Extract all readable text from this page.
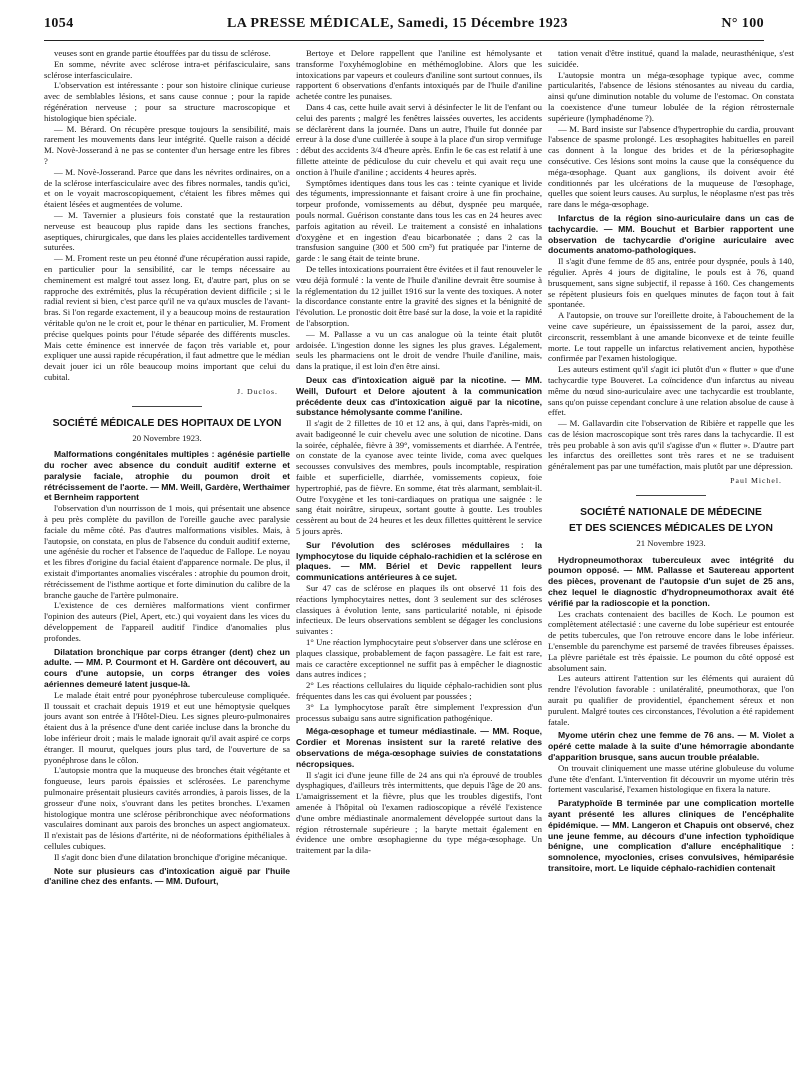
1054	LA PRESSE MÉDICALE, Samedi, 15 Décembre 1923	N° 100

veuses sont en grande partie étouffées par du tissu de sclérose.

En somme, névrite avec sclérose intra-et périfasciculaire, sans sclérose interfasciculaire.

L'observation est intéressante : pour son histoire clinique curieuse avec de semblables lésions, et sans cause connue ; pour la rapide régénération nerveuse ; pour sa structure macroscopique et histologique bien spéciale.

— M. Bérard. On récupère presque toujours la sensibilité, mais rarement les mouvements dans leur intégrité. Quelle raison a décidé M. Novè-Josserand à ne pas se contenter d'un hersage entre les fibres ?

— M. Novè-Josserand. Parce que dans les névrites ordinaires, on a de la sclérose interfasciculaire avec des fibres normales, tandis qu'ici, et on le voyait macroscopiquement, c'étaient les fibres mêmes qui étaient lésées et augmentées de volume.

— M. Tavernier a plusieurs fois constaté que la restauration nerveuse est beaucoup plus rapide dans les sections franches, aseptiques, chirurgicales, que dans les plaies accidentelles tardivement suturées.

— M. Froment reste un peu étonné d'une récupération aussi rapide, en particulier pour la sensibilité, car le temps nécessaire au cheminement est malgré tout assez long. Et, d'autre part, plus on se rapproche des extrémités, plus la récupération devient difficile ; si le radial revient si bien, c'est parce qu'il ne va qu'aux muscles de l'avant-bras. Si l'on regarde exactement, il y a beaucoup moins de restauration véritable qu'on ne le croit et, pour le thénar en particulier, M. Froment précise quelques points pour l'étude séparée des différents muscles. Mais cette éminence est innervée de façon très variable et, pour expliquer une aussi rapide récupération, il faut admettre que le médian devait jouer ici un rôle beaucoup moins important que celui du cubital.

J. Duclos.
SOCIÉTÉ MÉDICALE DES HOPITAUX DE LYON
20 Novembre 1923.

Malformations congénitales multiples : agénésie partielle du rocher avec absence du conduit auditif externe et paralysie faciale, atrophie du poumon droit et rétrécissement de l'aorte. — MM. Weill, Gardère, Werthaimer et Bernheim rapportent

l'observation d'un nourrisson de 1 mois, qui présentait une absence à peu près complète du pavillon de l'oreille gauche avec paralysie faciale du même côté. Pas d'autres malformations visibles. Mais, à l'autopsie, on constata, en plus de l'absence du conduit auditif externe, une agénésie du rocher et l'absence de l'aqueduc de Fallope. Le noyau et les fibres d'origine du facial étaient d'apparence normale. De plus, il existait d'importantes anomalies viscérales : atrophie du poumon droit, rétrécissement de l'isthme aortique et forte diminution du calibre de la branche gauche de l'artère pulmonaire.

L'existence de ces dernières malformations vient confirmer l'opinion des auteurs (Piel, Apert, etc.) qui voyaient dans les vices du développement de l'appareil auditif l'indice d'anomalies plus profondes.

Dilatation bronchique par corps étranger (dent) chez un adulte. — MM. P. Courmont et H. Gardère ont découvert, au cours d'une autopsie, un corps étranger des voies aériennes demeuré latent jusque-là.

Le malade était entré pour pyonéphrose tuberculeuse compliquée. Il toussait et crachait depuis 1919 et eut une hémoptysie quelques jours avant son entrée à l'Hôtel-Dieu. Les signes pleuro-pulmonaires étaient dus à la présence d'une dent cariée incluse dans la bronche du lobe inférieur droit ; mais le malade ignorait qu'il avait aspiré ce corps étranger. Il mourut, quelques jours plus tard, de l'ouverture de sa pyonéphrose dans le côlon.

L'autopsie montra que la muqueuse des bronches était végétante et fongueuse, leurs parois épaissies et sclérosées. Le parenchyme pulmonaire présentait plusieurs cavités arrondies, à parois lisses, de la grosseur d'une noix, s'ouvrant dans les petites bronches. L'examen histologique montra une sclérose péribronchique avec néoformations vasculaires dominant aux parois des bronches un aspect angiomateux. Il n'existait pas de lésions d'artérite, ni de néoformations épithéliales à cellules cubiques.

Il s'agit donc bien d'une dilatation bronchique d'origine mécanique.

Note sur plusieurs cas d'intoxication aiguë par l'huile d'aniline chez des enfants. — MM. Dufourt,

Bertoye et Delore rappellent que l'aniline est hémolysante et transforme l'oxyhémoglobine en méthémoglobine. Alors que les intoxications par vapeurs et couleurs d'aniline sont surtout connues, ils rapportent 6 observations d'enfants intoxiqués par de l'huile d'aniline achetée contre les punaises.

Dans 4 cas, cette huile avait servi à désinfecter le lit de l'enfant ou celui des parents ; malgré les fenêtres laissées ouvertes, les accidents se déclarèrent dans la journée. Dans un autre, l'huile fut donnée par erreur à la dose d'une cuillerée à soupe à la place d'un sirop vermifuge : début des accidents 3/4 d'heure après. Enfin le 6e cas est relatif à une fillette atteinte de pédiculose du cuir chevelu et qui avait reçu une onction à l'huile d'aniline ; accidents 4 heures après.

Symptômes identiques dans tous les cas : teinte cyanique et livide des téguments, impressionnante et faisant croire à une fin prochaine, torpeur profonde, vomissements au début, dyspnée peu marquée, pouls normal. Guérison constante dans tous les cas en 24 heures avec parfois agitation au réveil. Le traitement a consisté en inhalations d'oxygène et en ingestion d'eau bicarbonatée ; dans 2 cas la transfusion sanguine (300 et 500 cm³) fut pratiquée par l'interne de garde : le sang était de teinte brune.

De telles intoxications pourraient être évitées et il faut renouveler le vœu déjà formulé : la vente de l'huile d'aniline devrait être soumise à la réglementation du 12 juillet 1916 sur la vente des toxiques. A noter la discordance constante entre la gravité des signes et la bénignité de l'évolution. Le pronostic doit être basé sur la dose, la voie et la rapidité de l'absorption.

— M. Pallasse a vu un cas analogue où la teinte était plutôt ardoisée. L'ingestion donne les signes les plus graves. Légalement, seuls les pharmaciens ont le droit de vendre l'huile d'aniline, mais, dans la pratique, il est loin d'en être ainsi.

Deux cas d'intoxication aiguë par la nicotine. — MM. Weill, Dufourt et Delore ajoutent à la communication précédente deux cas d'intoxication aiguë par la nicotine, substance hémolysante comme l'aniline.

Il s'agit de 2 fillettes de 10 et 12 ans, à qui, dans l'après-midi, on avait badigeonné le cuir chevelu avec une solution de nicotine. Dans la soirée, céphalée, fièvre à 39°, vomissements et diarrhée. A l'entrée, on constate de la cyanose avec teinte livide, coma avec quelques secousses convulsives des membres, pouls incomptable, respiration faible et superficielle, diarrhée, vomissements copieux, foie hypertrophié, pas de fièvre. En somme, état très alarmant, semblait-il. Outre l'oxygène et les toni-cardiaques on pratiqua une saignée : le sang était noirâtre, sirupeux, sortant goutte à goutte. Les troubles cessèrent au bout de 24 heures et les deux fillettes quittèrent le service 5 jours après.

Sur l'évolution des scléroses médullaires : la lymphocytose du liquide céphalo-rachidien et la sclérose en plaques. — MM. Bériel et Devic rappellent leurs communications antérieures à ce sujet.

Sur 47 cas de sclérose en plaques ils ont observé 11 fois des réactions lymphocytaires nettes, dont 3 seulement sur des scléroses classiques à évolution lente, sans particularité notable, ni épisode infectieux. De leurs observations semblent se dégager les conclusions suivantes :

1° Une réaction lymphocytaire peut s'observer dans une sclérose en plaques classique, probablement de façon passagère. Le fait est rare, mais ce caractère exceptionnel ne suffit pas à empêcher le diagnostic dans autres indices ;

2° Les réactions cellulaires du liquide céphalo-rachidien sont plus fréquentes dans les cas qui évoluent par poussées ;

3° La lymphocytose paraît être simplement l'expression d'un processus subaigu sans autre signification pathogénique.

Méga-œsophage et tumeur médiastinale. — MM. Roque, Cordier et Morenas insistent sur la rareté relative des observations de méga-œsophage suivies de constatations nécropsiques.

Il s'agit ici d'une jeune fille de 24 ans qui n'a éprouvé de troubles dysphagiques, d'ailleurs très intermittents, que depuis l'âge de 20 ans. L'amaigrissement et la fièvre, plus que les troubles digestifs, l'ont amenée à l'hôpital où l'examen radioscopique a révélé l'existence d'une ombre médiastinale anormalement développée surtout dans la région rétrosternale supérieure ; la baryte mettait également en évidence une ombre œsophagienne du type méga-œsophage. Un traitement par la dila-

tation venait d'être institué, quand la malade, neurasthénique, s'est suicidée.

L'autopsie montra un méga-œsophage typique avec, comme particularités, l'absence de lésions sténosantes au niveau du cardia, ainsi qu'une diminution notable du volume de l'estomac. On constata la coexistence d'une tumeur lobulée de la région rétrosternale supérieure (lymphadénome ?).

— M. Bard insiste sur l'absence d'hypertrophie du cardia, prouvant l'absence de spasme prolongé. Les œsophagites habituelles en pareil cas donnent à la longue des brides et de la périœsophagite consécutive. Ces lésions sont moins la cause que la conséquence du méga-œsophage. Quant aux ganglions, ils doivent avoir été conditionnés par les ulcérations de la muqueuse de l'œsophage, quelles que soient leurs causes. Au surplus, le néoplasme n'est pas très rare dans le méga-œsophage.

Infarctus de la région sino-auriculaire dans un cas de tachycardie. — MM. Bouchut et Barbier rapportent une observation de tachycardie d'origine auriculaire avec documents anatomo-pathologiques.

Il s'agit d'une femme de 85 ans, entrée pour dyspnée, pouls à 140, régulier. Après 4 jours de digitaline, le pouls est à 76, quand brusquement, sans signe subjectif, il repasse à 160. Ces changements se répètent plusieurs fois en quelques minutes de façon tout à fait spontanée.

A l'autopsie, on trouve sur l'oreillette droite, à l'abouchement de la veine cave supérieure, un épaississement de la paroi, assez dur, circonscrit, ressemblant à une amande biconvexe et de teinte feuille morte. Le tout rappelle un infarctus relativement ancien, hypothèse confirmée par l'examen histologique.

Les auteurs estiment qu'il s'agit ici plutôt d'un « flutter » que d'une tachycardie type Bouveret. La coïncidence d'un infarctus au niveau même du nœud sino-auriculaire avec une tachycardie est troublante, sans qu'on puisse cependant conclure à une relation absolue de cause à effet.

— M. Gallavardin cite l'observation de Ribière et rappelle que les cas de lésion macroscopique sont très rares dans la tachycardie. Il est très peu probable à son avis qu'il s'agisse d'un « flutter ». D'autre part les infarctus des oreillettes sont très rares et ne se traduisent généralement pas par une tuméfaction, mais plutôt par une dépression.

Paul Michel.
SOCIÉTÉ NATIONALE DE MÉDECINE
ET DES SCIENCES MÉDICALES DE LYON
21 Novembre 1923.

Hydropneumothorax tuberculeux avec intégrité du poumon opposé. — MM. Pallasse et Sautereau apportent des pièces, provenant de l'autopsie d'un sujet de 25 ans, chez lequel le diagnostic d'hydropneumothorax avait été vérifié par la radioscopie et la ponction.

Les crachats contenaient des bacilles de Koch. Le poumon est complètement atélectasié : une caverne du lobe supérieur est entourée de petits tubercules, que l'on retrouve encore dans le lobe inférieur. L'ensemble du parenchyme est parsemé de travées fibreuses épaisses. La plèvre pariétale est très épaissie. Le poumon du côté opposé est absolument sain.

Les auteurs attirent l'attention sur les éléments qui auraient dû rendre l'évolution favorable : unilatéralité, pneumothorax, que l'on aurait pu qualifier de providentiel, épanchement séreux et non purulent. Malgré toutes ces circonstances, l'évolution a été rapidement fatale.

Myome utérin chez une femme de 76 ans. — M. Violet a opéré cette malade à la suite d'une hémorragie abondante d'apparition brusque, sans aucun trouble préalable.

On trouvait cliniquement une masse utérine globuleuse du volume d'une tête d'enfant. L'intervention fit découvrir un myome utérin très fortement vascularisé, l'examen histologique en fixera la nature.

Paratyphoïde B terminée par une complication mortelle ayant présenté les allures cliniques de l'encéphalite épidémique. — MM. Langeron et Chapuis ont observé, chez une jeune femme, au décours d'une infection typhoïdique bénigne, une complication d'allure encéphalitique : somnolence, myoclonies, crises convulsives, hémiparésie transitoire, mort. Le liquide céphalo-rachidien contenait
